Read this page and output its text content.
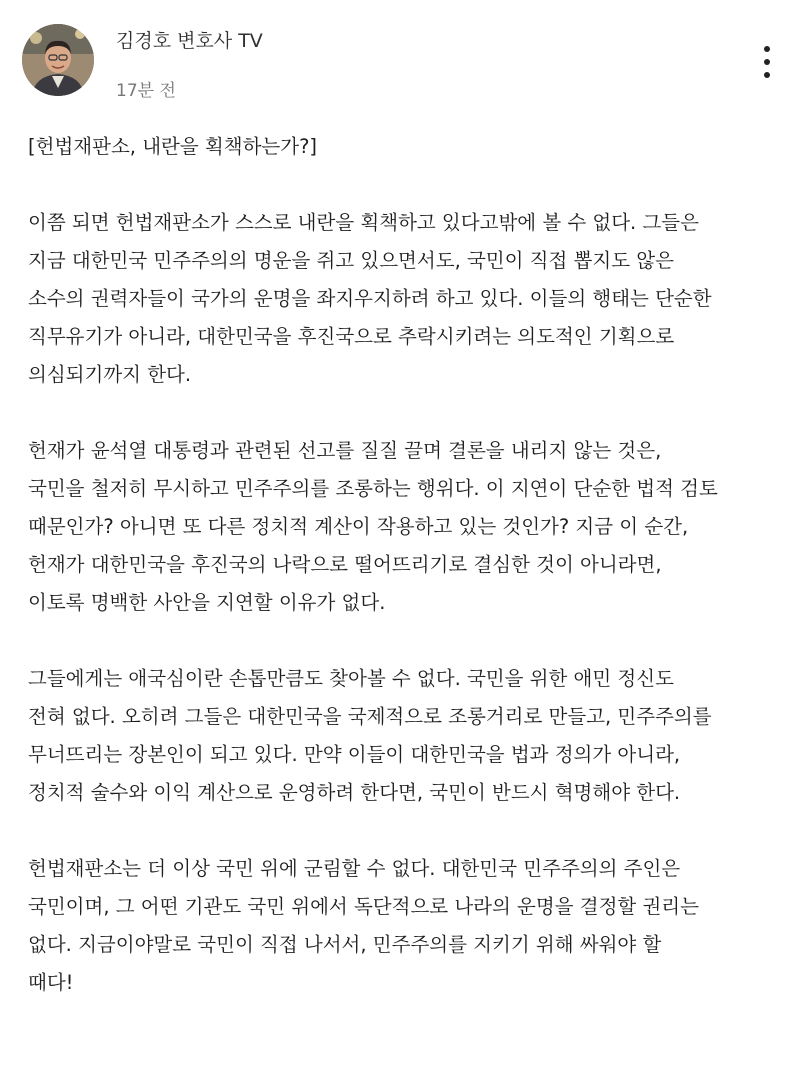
김경호 변호사 TV
17분 전
[헌법재판소, 내란을 획책하는가?]
이쯤 되면 헌법재판소가 스스로 내란을 획책하고 있다고밖에 볼 수 없다. 그들은
지금 대한민국 민주주의의 명운을 쥐고 있으면서도, 국민이 직접 뽑지도 않은
소수의 권력자들이 국가의 운명을 좌지우지하려 하고 있다. 이들의 행태는 단순한
직무유기가 아니라, 대한민국을 후진국으로 추락시키려는 의도적인 기획으로
의심되기까지 한다.
헌재가 윤석열 대통령과 관련된 선고를 질질 끌며 결론을 내리지 않는 것은,
국민을 철저히 무시하고 민주주의를 조롱하는 행위다. 이 지연이 단순한 법적 검토
때문인가? 아니면 또 다른 정치적 계산이 작용하고 있는 것인가? 지금 이 순간,
헌재가 대한민국을 후진국의 나락으로 떨어뜨리기로 결심한 것이 아니라면,
이토록 명백한 사안을 지연할 이유가 없다.
그들에게는 애국심이란 손톱만큼도 찾아볼 수 없다. 국민을 위한 애민 정신도
전혀 없다. 오히려 그들은 대한민국을 국제적으로 조롱거리로 만들고, 민주주의를
무너뜨리는 장본인이 되고 있다. 만약 이들이 대한민국을 법과 정의가 아니라,
정치적 술수와 이익 계산으로 운영하려 한다면, 국민이 반드시 혁명해야 한다.
헌법재판소는 더 이상 국민 위에 군림할 수 없다. 대한민국 민주주의의 주인은
국민이며, 그 어떤 기관도 국민 위에서 독단적으로 나라의 운명을 결정할 권리는
없다. 지금이야말로 국민이 직접 나서서, 민주주의를 지키기 위해 싸워야 할
때다!
